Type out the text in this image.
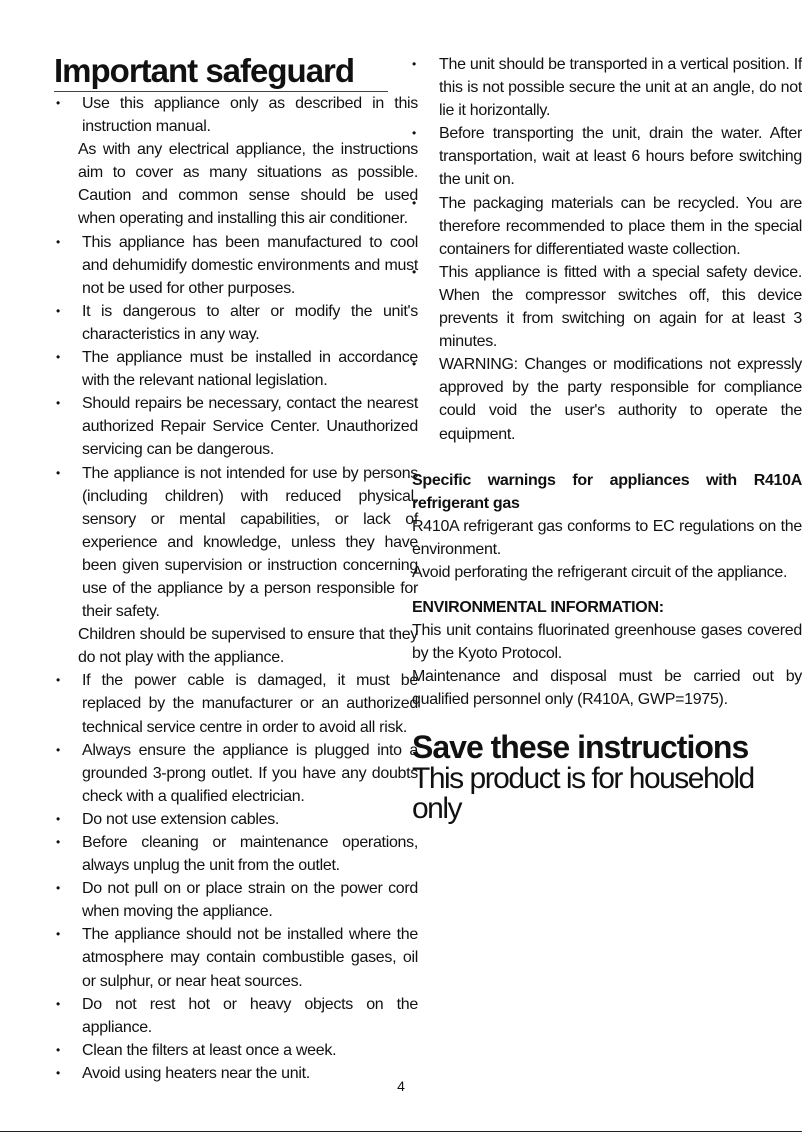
Important safeguard
• Use this appliance only as described in this instruction manual.
As with any electrical appliance, the instructions aim to cover as many situations as possible. Caution and common sense should be used when operating and installing this air conditioner.
• This appliance has been manufactured to cool and dehumidify domestic environments and must not be used for other purposes.
• It is dangerous to alter or modify the unit's characteristics in any way.
• The appliance must be installed in accordance with the relevant national legislation.
• Should repairs be necessary, contact the nearest authorized Repair Service Center. Unauthorized servicing can be dangerous.
• The appliance is not intended for use by persons (including children) with reduced physical, sensory or mental capabilities, or lack of experience and knowledge, unless they have been given supervision or instruction concerning use of the appliance by a person responsible for their safety.
Children should be supervised to ensure that they do not play with the appliance.
• If the power cable is damaged, it must be replaced by the manufacturer or an authorized technical service centre in order to avoid all risk.
• Always ensure the appliance is plugged into a grounded 3-prong outlet. If you have any doubts check with a qualified electrician.
• Do not use extension cables.
• Before cleaning or maintenance operations, always unplug the unit from the outlet.
• Do not pull on or place strain on the power cord when moving the appliance.
• The appliance should not be installed where the atmosphere may contain combustible gases, oil or sulphur, or near heat sources.
• Do not rest hot or heavy objects on the appliance.
• Clean the filters at least once a week.
• Avoid using heaters near the unit.
• The unit should be transported in a vertical position. If this is not possible secure the unit at an angle, do not lie it horizontally.
• Before transporting the unit, drain the water. After transportation, wait at least 6 hours before switching the unit on.
• The packaging materials can be recycled. You are therefore recommended to place them in the special containers for differentiated waste collection.
• This appliance is fitted with a special safety device. When the compressor switches off, this device prevents it from switching on again for at least 3 minutes.
• WARNING: Changes or modifications not expressly approved by the party responsible for compliance could void the user's authority to operate the equipment.
Specific warnings for appliances with R410A refrigerant gas
R410A refrigerant gas conforms to EC regulations on the environment.
Avoid perforating the refrigerant circuit of the appliance.
ENVIRONMENTAL INFORMATION:
This unit contains fluorinated greenhouse gases covered by the Kyoto Protocol.
Maintenance and disposal must be carried out by qualified personnel only (R410A, GWP=1975).
Save these instructions
This product is for household only
4
